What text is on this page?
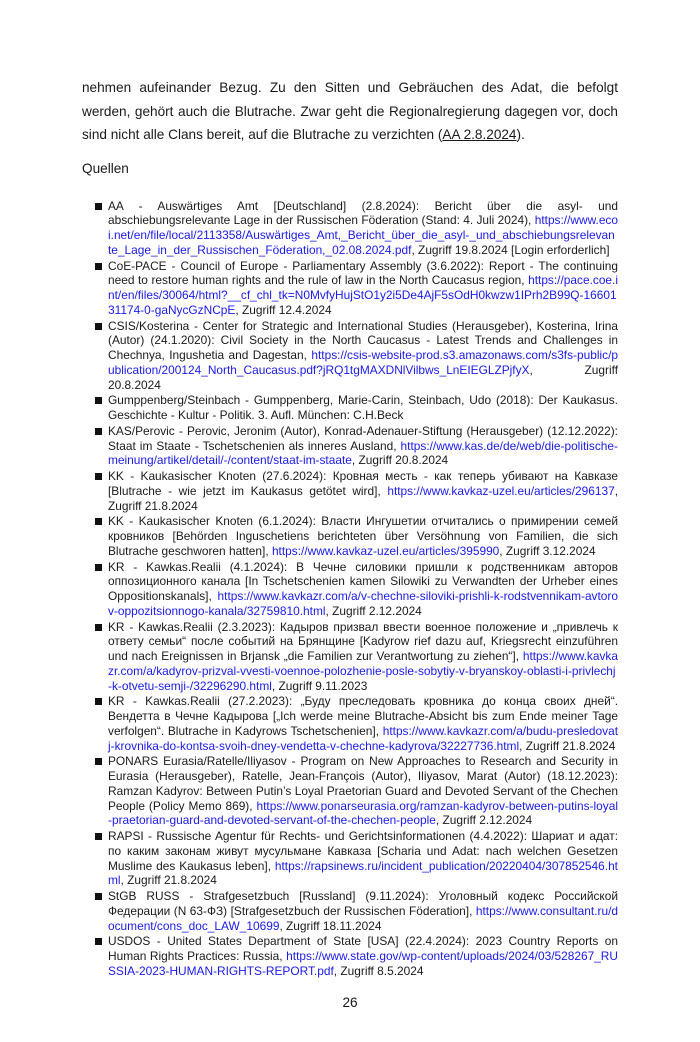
nehmen aufeinander Bezug. Zu den Sitten und Gebräuchen des Adat, die befolgt werden, gehört auch die Blutrache. Zwar geht die Regionalregierung dagegen vor, doch sind nicht alle Clans bereit, auf die Blutrache zu verzichten (AA 2.8.2024).

Quellen

AA - Auswärtiges Amt [Deutschland] (2.8.2024): Bericht über die asyl- und abschiebungsrelevante Lage in der Russischen Föderation (Stand: 4. Juli 2024), https://www.ecoi.net/en/file/local/2113358/Auswärtiges_Amt,_Bericht_über_die_asyl-_und_abschiebungsrelevante_Lage_in_der_Russischen_Föderation,_02.08.2024.pdf, Zugriff 19.8.2024 [Login erforderlich]
CoE-PACE - Council of Europe - Parliamentary Assembly (3.6.2022): Report - The continuing need to restore human rights and the rule of law in the North Caucasus region, https://pace.coe.int/en/files/30064/html?__cf_chl_tk=N0MvfyHujStO1y2i5De4AjF5sOdH0kwzw1IPrh2B99Q-1660131174-0-gaNycGzNCpE, Zugriff 12.4.2024
CSIS/Kosterina - Center for Strategic and International Studies (Herausgeber), Kosterina, Irina (Autor) (24.1.2020): Civil Society in the North Caucasus - Latest Trends and Challenges in Chechnya, Ingushetia and Dagestan, https://csis-website-prod.s3.amazonaws.com/s3fs-public/publication/200124_North_Caucasus.pdf?jRQ1tgMAXDNlVilbws_LnEIEGLZPjfyX, Zugriff 20.8.2024
Gumppenberg/Steinbach - Gumppenberg, Marie-Carin, Steinbach, Udo (2018): Der Kaukasus. Geschichte - Kultur - Politik. 3. Aufl. München: C.H.Beck
KAS/Perovic - Perovic, Jeronim (Autor), Konrad-Adenauer-Stiftung (Herausgeber) (12.12.2022): Staat im Staate - Tschetschenien als inneres Ausland, https://www.kas.de/de/web/die-politische-meinung/artikel/detail/-/content/staat-im-staate, Zugriff 20.8.2024
KK - Kaukasischer Knoten (27.6.2024): Кровная месть - как теперь убивают на Кавказе [Blutrache - wie jetzt im Kaukasus getötet wird], https://www.kavkaz-uzel.eu/articles/296137, Zugriff 21.8.2024
KK - Kaukasischer Knoten (6.1.2024): Власти Ингушетии отчитались о примирении семей кровников [Behörden Inguschetiens berichteten über Versöhnung von Familien, die sich Blutrache geschworen hatten], https://www.kavkaz-uzel.eu/articles/395990, Zugriff 3.12.2024
KR - Kawkas.Realii (4.1.2024): В Чечне силовики пришли к родственникам авторов оппозиционного канала [In Tschetschenien kamen Silowiki zu Verwandten der Urheber eines Oppositionskanals], https://www.kavkazr.com/a/v-chechne-siloviki-prishli-k-rodstvennikam-avtorov-oppozitsionnogo-kanala/32759810.html, Zugriff 2.12.2024
KR - Kawkas.Realii (2.3.2023): Кадыров призвал ввести военное положение и „привлечь к ответу семьи“ после событий на Брянщине [Kadyrow rief dazu auf, Kriegsrecht einzuführen und nach Ereignissen in Brjansk „die Familien zur Verantwortung zu ziehen“], https://www.kavkazr.com/a/kadyrov-prizval-vvesti-voennoe-polozhenie-posle-sobytiy-v-bryanskoy-oblasti-i-privlechj-k-otvetu-semji-/32296290.html, Zugriff 9.11.2023
KR - Kawkas.Realii (27.2.2023): „Буду преследовать кровника до конца своих дней“. Вендетта в Чечне Кадырова [„Ich werde meine Blutrache-Absicht bis zum Ende meiner Tage verfolgen“. Blutrache in Kadyrows Tschetschenien], https://www.kavkazr.com/a/budu-presledovatj-krovnika-do-kontsa-svoih-dney-vendetta-v-chechne-kadyrova/32227736.html, Zugriff 21.8.2024
PONARS Eurasia/Ratelle/Iliyasov - Program on New Approaches to Research and Security in Eurasia (Herausgeber), Ratelle, Jean-François (Autor), Iliyasov, Marat (Autor) (18.12.2023): Ramzan Kadyrov: Between Putin’s Loyal Praetorian Guard and Devoted Servant of the Chechen People (Policy Memo 869), https://www.ponarseurasia.org/ramzan-kadyrov-between-putins-loyal-praetorian-guard-and-devoted-servant-of-the-chechen-people, Zugriff 2.12.2024
RAPSI - Russische Agentur für Rechts- und Gerichtsinformationen (4.4.2022): Шариат и адат: по каким законам живут мусульмане Кавказа [Scharia und Adat: nach welchen Gesetzen Muslime des Kaukasus leben], https://rapsinews.ru/incident_publication/20220404/307852546.html, Zugriff 21.8.2024
StGB RUSS - Strafgesetzbuch [Russland] (9.11.2024): Уголовный кодекс Российской Федерации (N 63-ФЗ) [Strafgesetzbuch der Russischen Föderation], https://www.consultant.ru/document/cons_doc_LAW_10699, Zugriff 18.11.2024
USDOS - United States Department of State [USA] (22.4.2024): 2023 Country Reports on Human Rights Practices: Russia, https://www.state.gov/wp-content/uploads/2024/03/528267_RUSSIA-2023-HUMAN-RIGHTS-REPORT.pdf, Zugriff 8.5.2024
26
